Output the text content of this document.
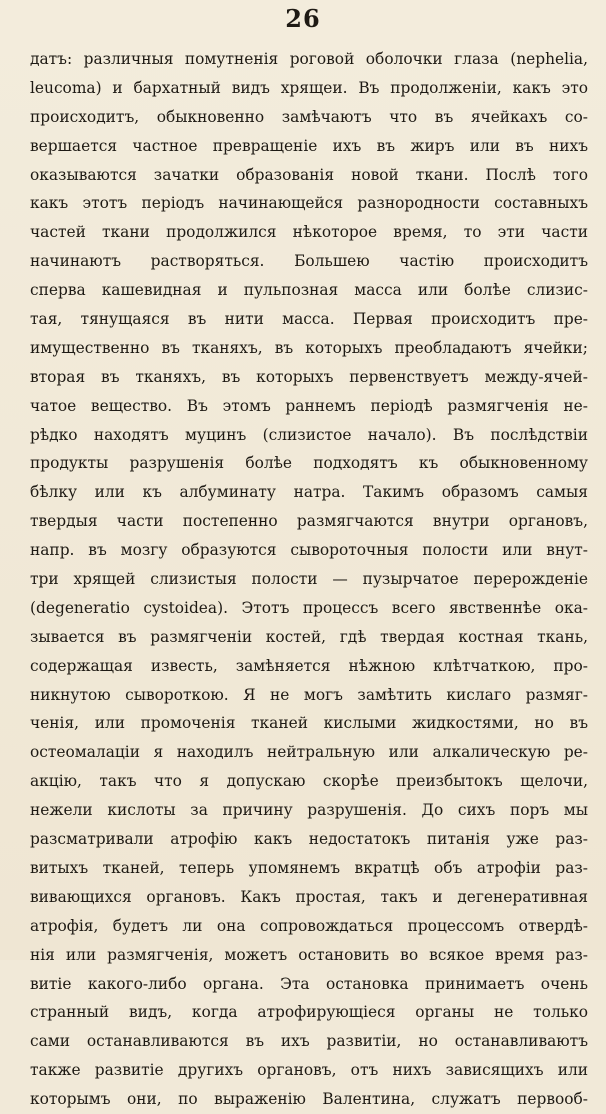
26
датъ: различныя помутненія роговой оболочки глаза (nephelia,
leucoma) и бархатный видъ хрящеи. Въ продолженіи, какъ это
происходитъ, обыкновенно замѣчаютъ что въ ячейкахъ со-
вершается частное превращеніе ихъ въ жиръ или въ нихъ
оказываются зачатки образованія новой ткани. Послѣ того
какъ этотъ періодъ начинающейся разнородности составныхъ
частей ткани продолжился нѣкоторое время, то эти части
начинаютъ растворяться. Большею частію происходитъ
сперва кашевидная и пульпозная масса или болѣе слизис-
тая, тянущаяся въ нити масса. Первая происходитъ пре-
имущественно въ тканяхъ, въ которыхъ преобладаютъ ячейки;
вторая въ тканяхъ, въ которыхъ первенствуетъ между-ячей-
чатое вещество. Въ этомъ раннемъ періодѣ размягченія не-
рѣдко находятъ муцинъ (слизистое начало). Въ послѣдствіи
продукты разрушенія болѣе подходятъ къ обыкновенному
бѣлку или къ албуминату натра. Такимъ образомъ самыя
твердыя части постепенно размягчаются внутри органовъ,
напр. въ мозгу образуются сывороточныя полости или внут-
три хрящей слизистыя полости — пузырчатое перерожденіе
(degeneratio cystoidea). Этотъ процессъ всего явственнѣе ока-
зывается въ размягченіи костей, гдѣ твердая костная ткань,
содержащая известь, замѣняется нѣжною клѣтчаткою, про-
никнутою сывороткою. Я не могъ замѣтить кислаго размяг-
ченія, или промоченія тканей кислыми жидкостями, но въ
остеомалаціи я находилъ нейтральную или алкалическую ре-
акцію, такъ что я допускаю скорѣе преизбытокъ щелочи,
нежели кислоты за причину разрушенія. До сихъ поръ мы
разсматривали атрофію какъ недостатокъ питанія уже раз-
витыхъ тканей, теперь упомянемъ вкратцѣ объ атрофіи раз-
вивающихся органовъ. Какъ простая, такъ и дегенеративная
атрофія, будетъ ли она сопровождаться процессомъ отвердѣ-
нія или размягченія, можетъ остановить во всякое время раз-
витіе какого-либо органа. Эта остановка принимаетъ очень
странный видъ, когда атрофирующіеся органы не только
сами останавливаются въ ихъ развитіи, но останавливаютъ
также развитіе другихъ органовъ, отъ нихъ зависящихъ или
которымъ они, по выраженію Валентина, служатъ первооб-
